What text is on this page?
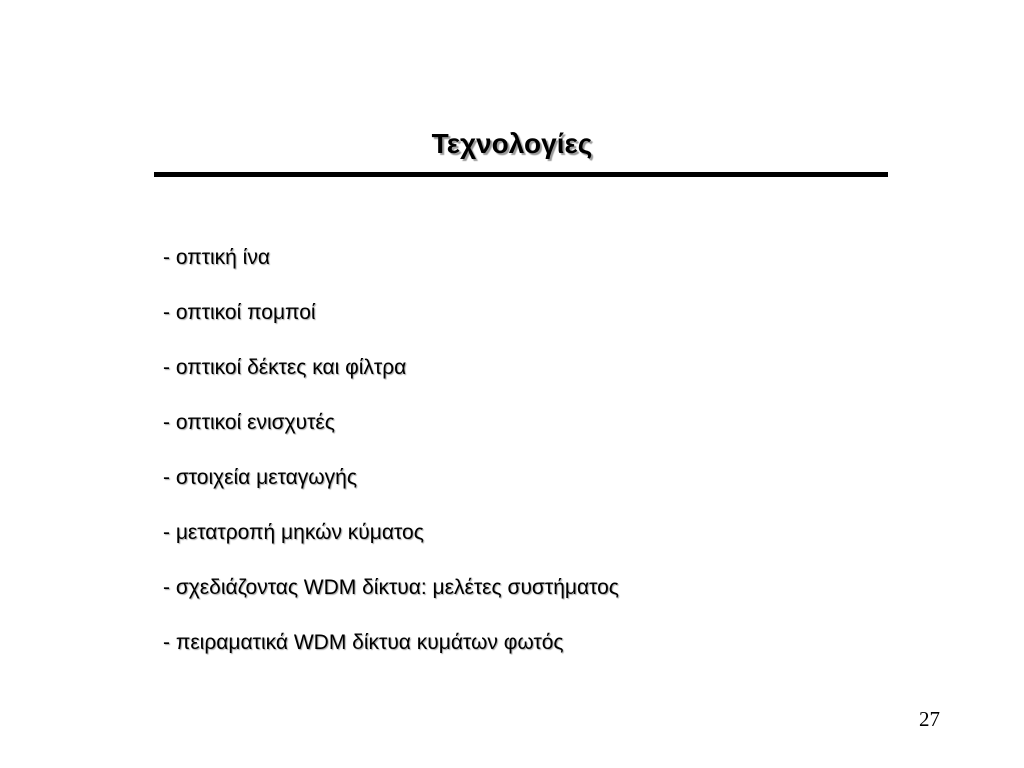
Τεχνολογίες
- οπτική ίνα
- οπτικοί πομποί
- οπτικοί δέκτες και φίλτρα
- οπτικοί ενισχυτές
- στοιχεία μεταγωγής
- μετατροπή μηκών κύματος
- σχεδιάζοντας WDM δίκτυα: μελέτες συστήματος
- πειραματικά WDM δίκτυα κυμάτων φωτός
27
